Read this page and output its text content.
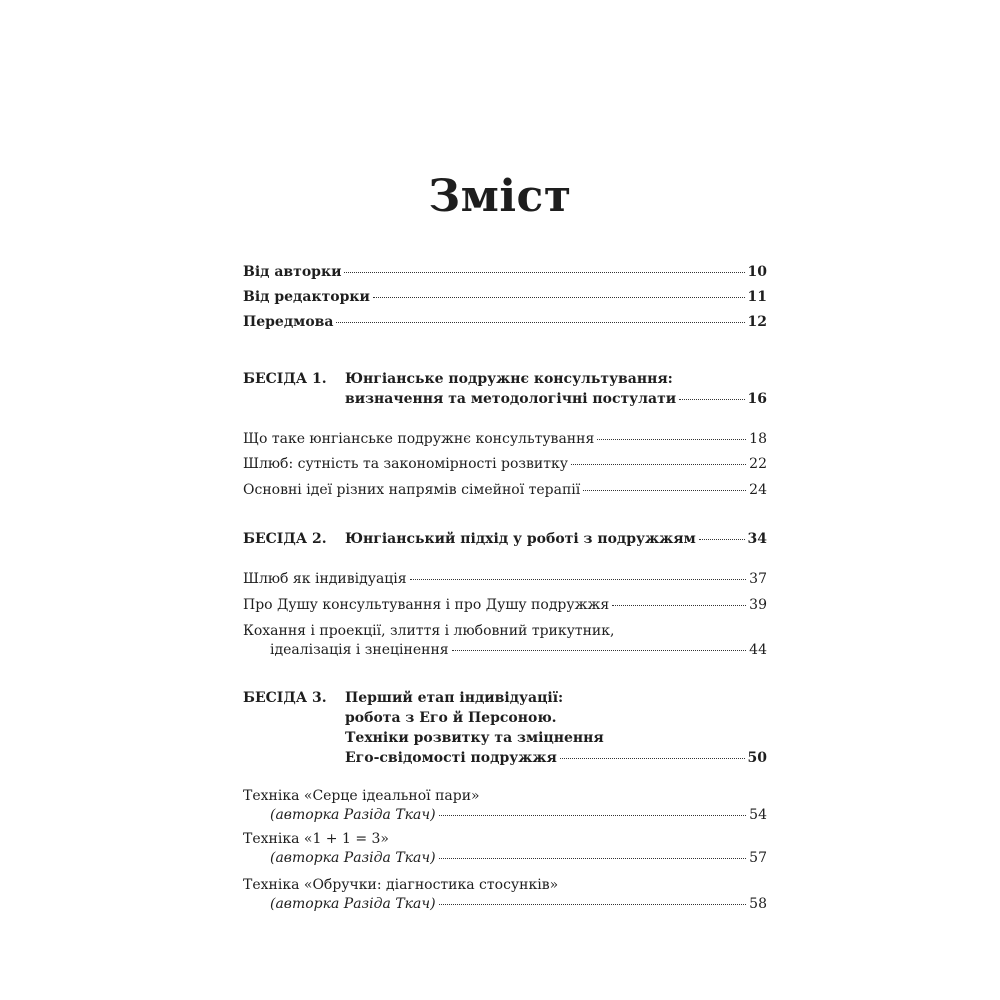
Зміст
Від авторки	10
Від редакторки	11
Передмова	12
БЕСІДА 1. Юнгіанське подружнє консультування:
визначення та методологічні постулати	16
Що таке юнгіанське подружнє консультування	18
Шлюб: сутність та закономірності розвитку	22
Основні ідеї різних напрямів сімейної терапії	24
БЕСІДА 2. Юнгіанський підхід у роботі з подружжям	34
Шлюб як індивідуація	37
Про Душу консультування і про Душу подружжя	39
Кохання і проекції, злиття і любовний трикутник,
ідеалізація і знецінення	44
БЕСІДА 3. Перший етап індивідуації:
робота з Его й Персоною.
Техніки розвитку та зміцнення
Его-свідомості подружжя	50
Техніка «Серце ідеальної пари»
(авторка Разіда Ткач)	54
Техніка «1 + 1 = 3»
(авторка Разіда Ткач)	57
Техніка «Обручки: діагностика стосунків»
(авторка Разіда Ткач)	58
